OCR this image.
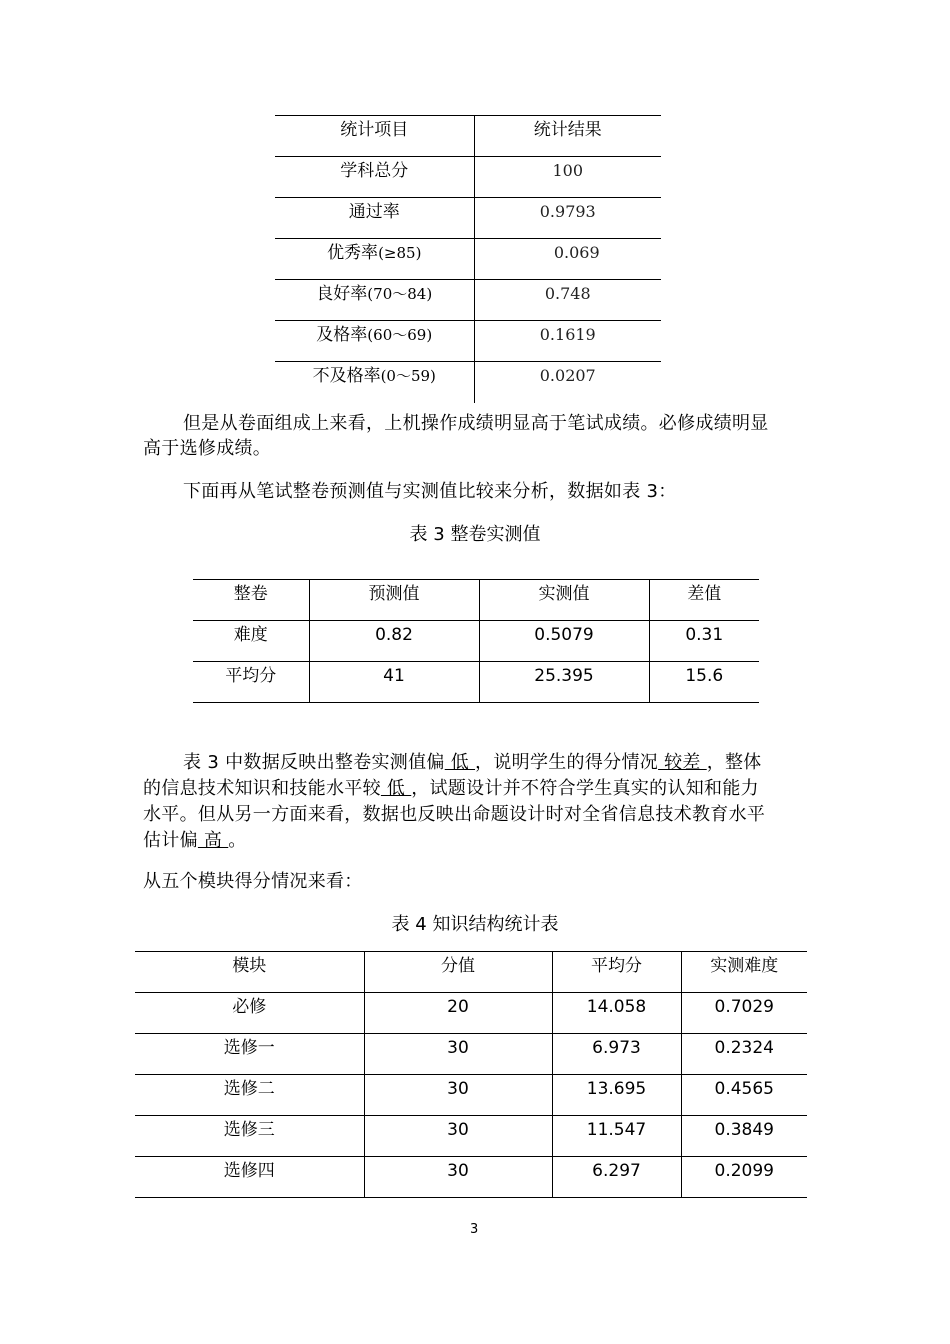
统计项目	统计结果
学科总分	100
通过率	0.9793
优秀率(≥85)	0.069
良好率(70～84)	0.748
及格率(60～69)	0.1619
不及格率(0～59)	0.0207
但是从卷面组成上来看，上机操作成绩明显高于笔试成绩。必修成绩明显
高于选修成绩。
下面再从笔试整卷预测值与实测值比较来分析，数据如表 3：
表 3 整卷实测值
整卷	预测值	实测值	差值
难度	0.82	0.5079	0.31
平均分	41	25.395	15.6
表 3 中数据反映出整卷实测值偏 低 ，说明学生的得分情况 较差 ，整体
的信息技术知识和技能水平较 低 ，试题设计并不符合学生真实的认知和能力
水平。但从另一方面来看，数据也反映出命题设计时对全省信息技术教育水平
估计偏 高 。
从五个模块得分情况来看：
表 4 知识结构统计表
模块	分值	平均分	实测难度
必修	20	14.058	0.7029
选修一	30	6.973	0.2324
选修二	30	13.695	0.4565
选修三	30	11.547	0.3849
选修四	30	6.297	0.2099
3
